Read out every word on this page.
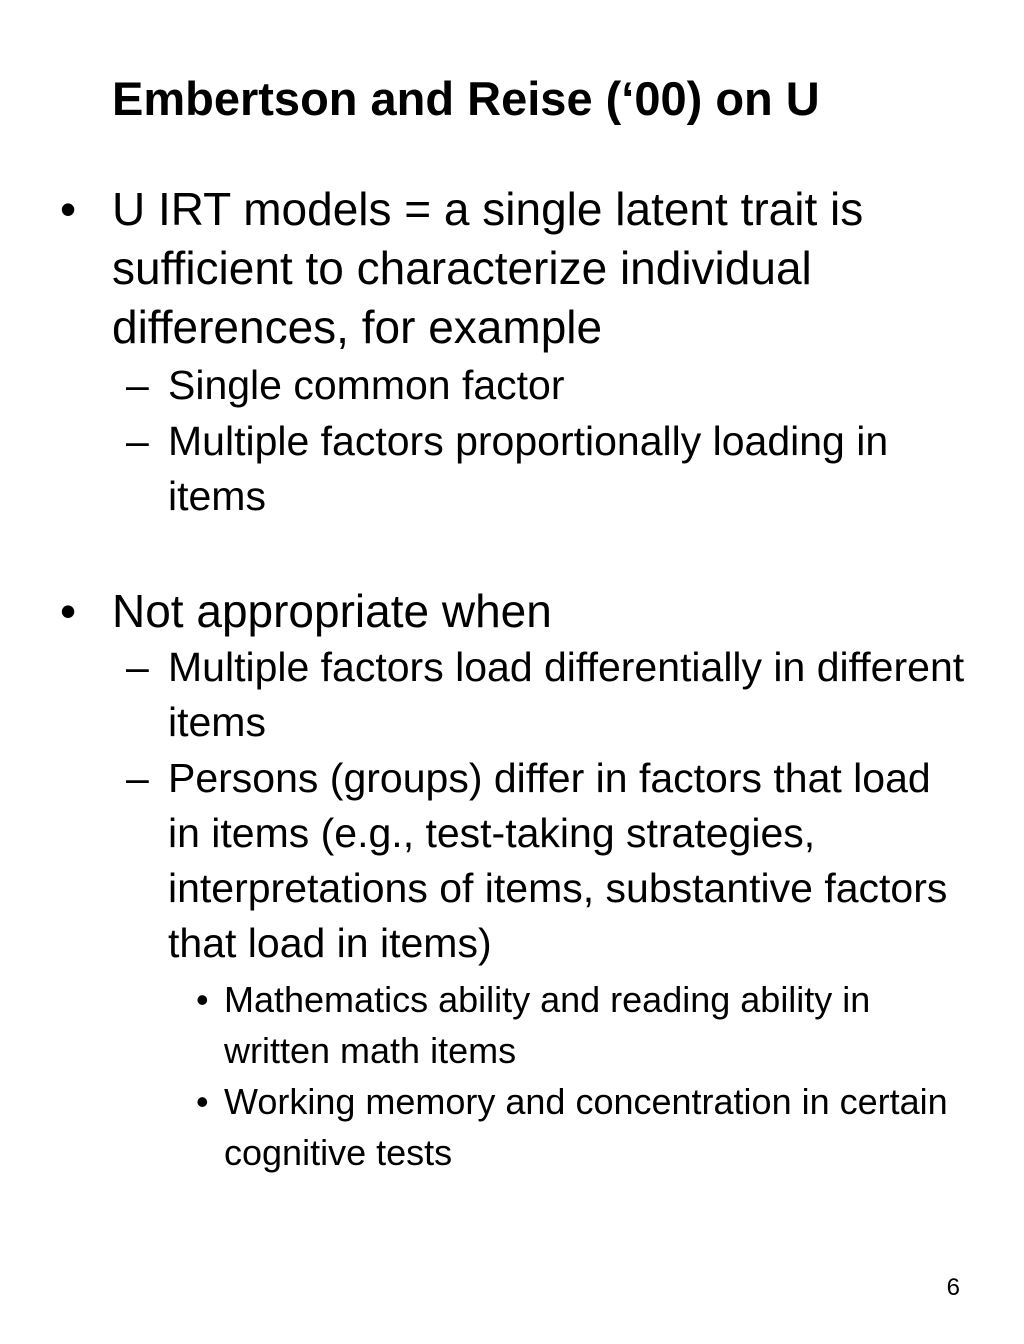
Embertson and Reise (‘00) on U
• U IRT models = a single latent trait is sufficient to characterize individual differences, for example
– Single common factor
– Multiple factors proportionally loading in items
• Not appropriate when
– Multiple factors load differentially in different items
– Persons (groups) differ in factors that load in items (e.g., test-taking strategies, interpretations of items, substantive factors that load in items)
• Mathematics ability and reading ability in written math items
• Working memory and concentration in certain cognitive tests
6
